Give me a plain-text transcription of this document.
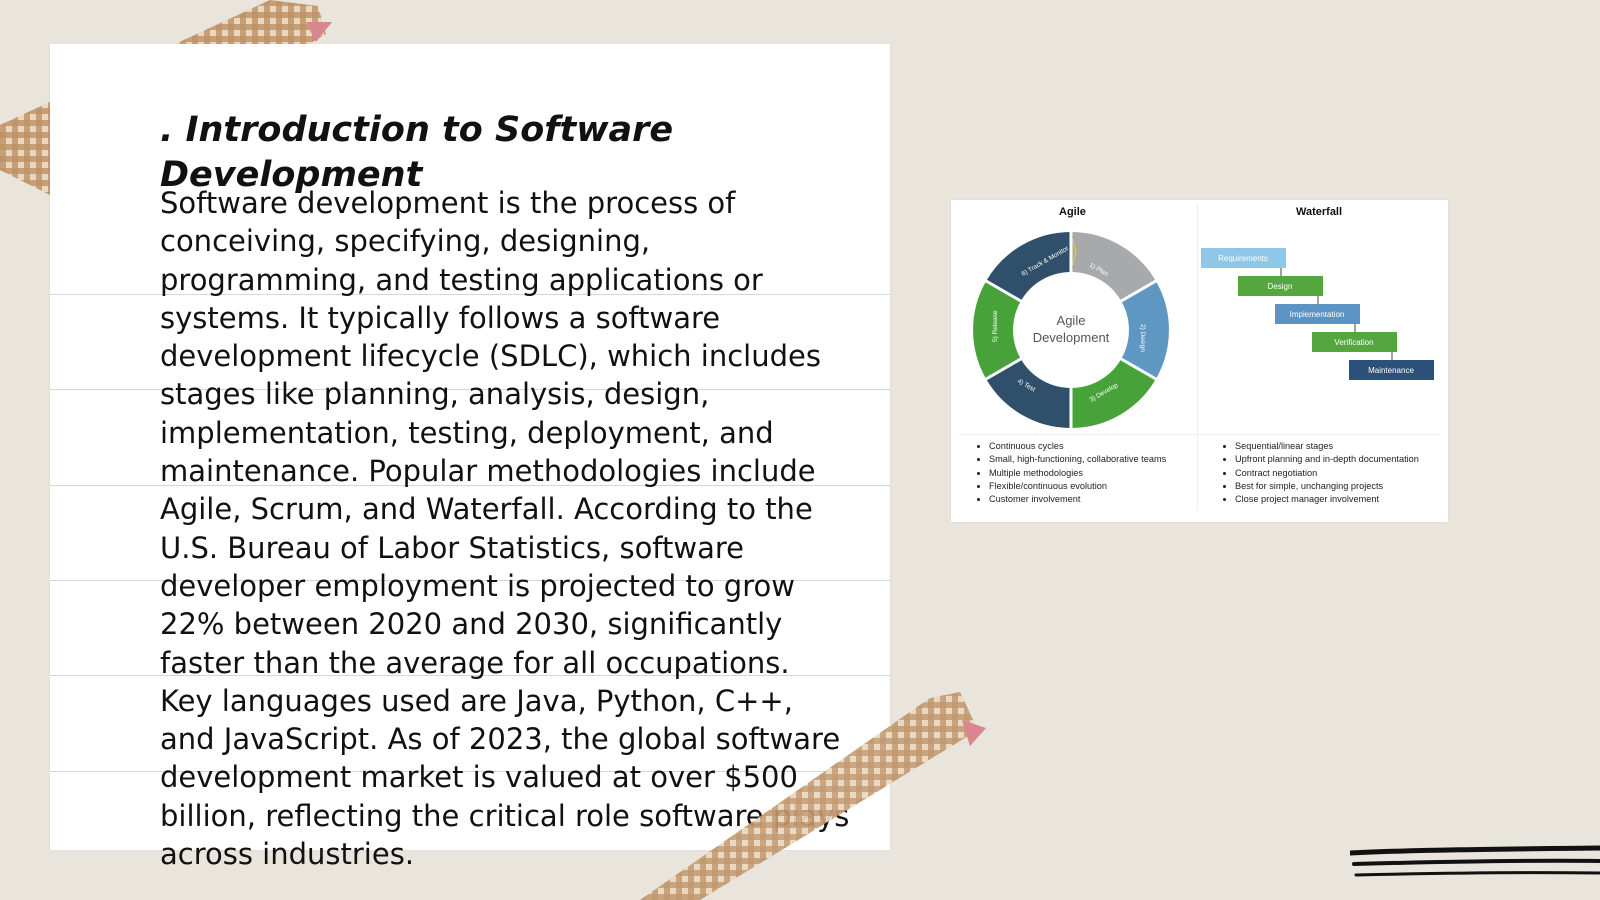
. Introduction to Software Development

Software development is the process of conceiving, specifying, designing, programming, and testing applications or systems. It typically follows a software development lifecycle (SDLC), which includes stages like planning, analysis, design, implementation, testing, deployment, and maintenance. Popular methodologies include Agile, Scrum, and Waterfall. According to the U.S. Bureau of Labor Statistics, software developer employment is projected to grow 22% between 2020 and 2030, significantly faster than the average for all occupations. Key languages used are Java, Python, C++, and JavaScript. As of 2023, the global software development market is valued at over $500 billion, reflecting the critical role software plays across industries.

Agile	Waterfall
6) Track & Monitor	1) Plan
2) Design
3) Develop
4) Test
5) Release	Agile
Development
Requirements
Design
Implementation
Verification
Maintenance
• Continuous cycles
• Small, high-functioning, collaborative teams
• Multiple methodologies
• Flexible/continuous evolution
• Customer involvement
• Sequential/linear stages
• Upfront planning and in-depth documentation
• Contract negotiation
• Best for simple, unchanging projects
• Close project manager involvement
